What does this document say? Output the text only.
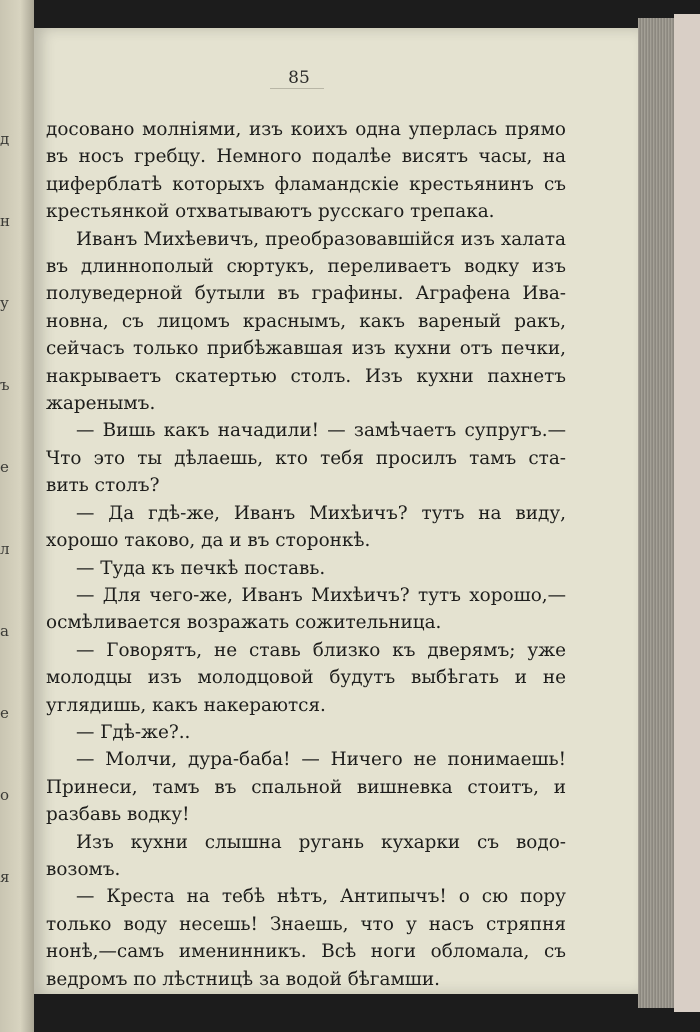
д
н
у
ъ
е
л
а
е
о
я
85
досовано молніями, изъ коихъ одна уперлась прямо
въ носъ гребцу. Немного подалѣе висятъ часы, на
циферблатѣ которыхъ фламандскіе крестьянинъ съ
крестьянкой отхватываютъ русскаго трепака.
Иванъ Михѣевичъ, преобразовавшійся изъ халата
въ длиннополый сюртукъ, переливаетъ водку изъ
полуведерной бутыли въ графины. Аграфена Ива-
новна, съ лицомъ краснымъ, какъ вареный ракъ,
сейчасъ только прибѣжавшая изъ кухни отъ печки,
накрываетъ скатертью столъ. Изъ кухни пахнетъ
жаренымъ.
— Вишь какъ начадили! — замѣчаетъ супругъ.—
Что это ты дѣлаешь, кто тебя просилъ тамъ ста-
вить столъ?
— Да гдѣ-же, Иванъ Михѣичъ? тутъ на виду,
хорошо таково, да и въ сторонкѣ.
— Туда къ печкѣ поставь.
— Для чего-же, Иванъ Михѣичъ? тутъ хорошо,—
осмѣливается возражать сожительница.
— Говорятъ, не ставь близко къ дверямъ; уже
молодцы изъ молодцовой будутъ выбѣгать и не
углядишь, какъ накераются.
— Гдѣ-же?..
— Молчи, дура-баба! — Ничего не понимаешь!
Принеси, тамъ въ спальной вишневка стоитъ, и
разбавь водку!
Изъ кухни слышна ругань кухарки съ водо-
возомъ.
— Креста на тебѣ нѣтъ, Антипычъ! о сю пору
только воду несешь! Знаешь, что у насъ стряпня
нонѣ,—самъ именинникъ. Всѣ ноги обломала, съ
ведромъ по лѣстницѣ за водой бѣгамши.
